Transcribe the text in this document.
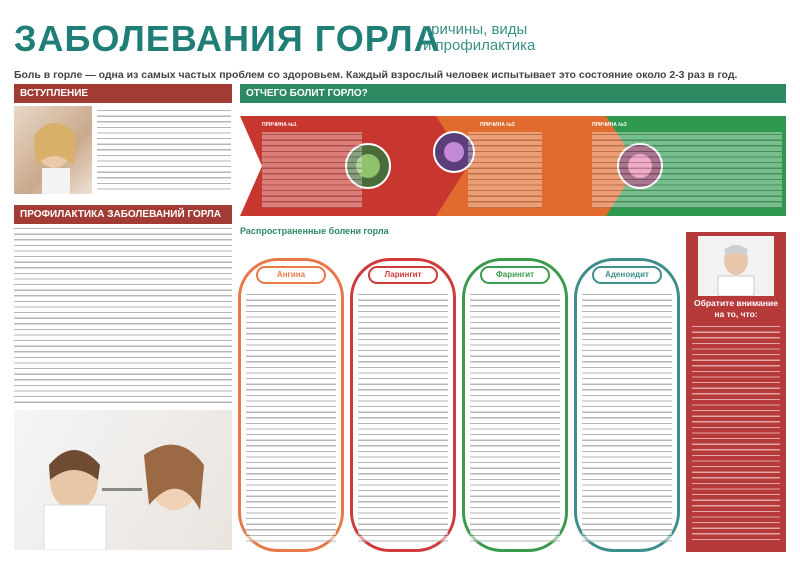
ЗАБОЛЕВАНИЯ ГОРЛА
причины, виды
и профилактика
Боль в горле — одна из самых частых проблем со здоровьем. Каждый взрослый человек испытывает это состояние около 2-3 раз в год.
ВСТУПЛЕНИЕ
ПРОФИЛАКТИКА ЗАБОЛЕВАНИЙ ГОРЛА
ОТЧЕГО БОЛИТ ГОРЛО?
ПРИЧИНА №1	ПРИЧИНА №2	ПРИЧИНА №3
Распространенные болени горла
Ангина	Ларингит	Фарингит	Аденоидит
Обратите внимание
на то, что:
